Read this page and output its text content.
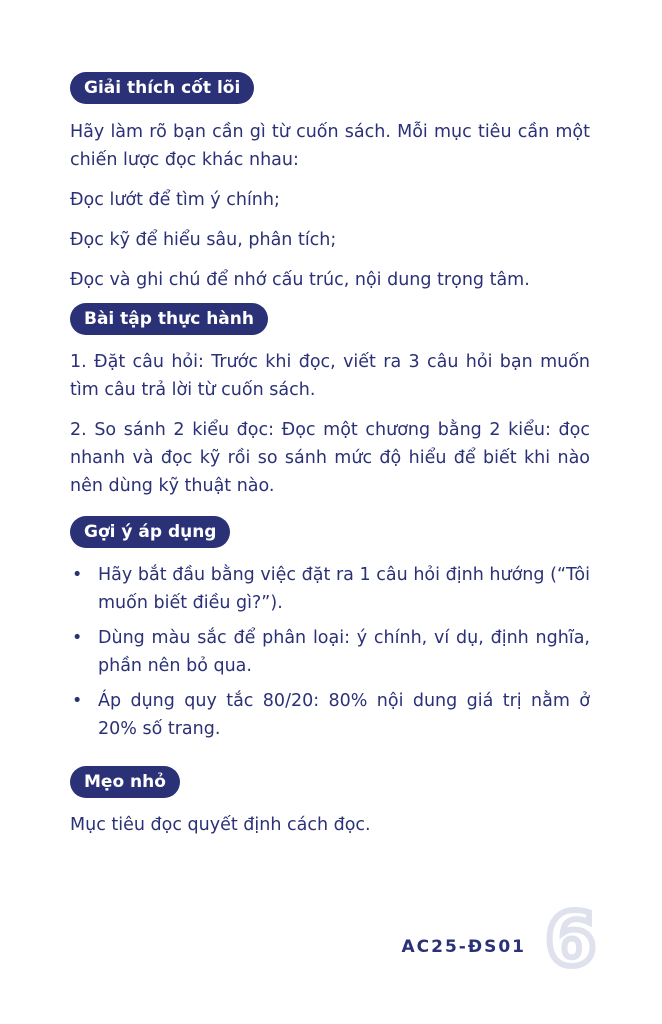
Giải thích cốt lõi

Hãy làm rõ bạn cần gì từ cuốn sách. Mỗi mục tiêu cần một chiến lược đọc khác nhau:

Đọc lướt để tìm ý chính;

Đọc kỹ để hiểu sâu, phân tích;

Đọc và ghi chú để nhớ cấu trúc, nội dung trọng tâm.

Bài tập thực hành

1. Đặt câu hỏi: Trước khi đọc, viết ra 3 câu hỏi bạn muốn tìm câu trả lời từ cuốn sách.

2. So sánh 2 kiểu đọc: Đọc một chương bằng 2 kiểu: đọc nhanh và đọc kỹ rồi so sánh mức độ hiểu để biết khi nào nên dùng kỹ thuật nào.

Gợi ý áp dụng
• Hãy bắt đầu bằng việc đặt ra 1 câu hỏi định hướng (“Tôi muốn biết điều gì?”).
• Dùng màu sắc để phân loại: ý chính, ví dụ, định nghĩa, phần nên bỏ qua.
• Áp dụng quy tắc 80/20: 80% nội dung giá trị nằm ở 20% số trang.
Mẹo nhỏ

Mục tiêu đọc quyết định cách đọc.

AC25-ĐS01 6
